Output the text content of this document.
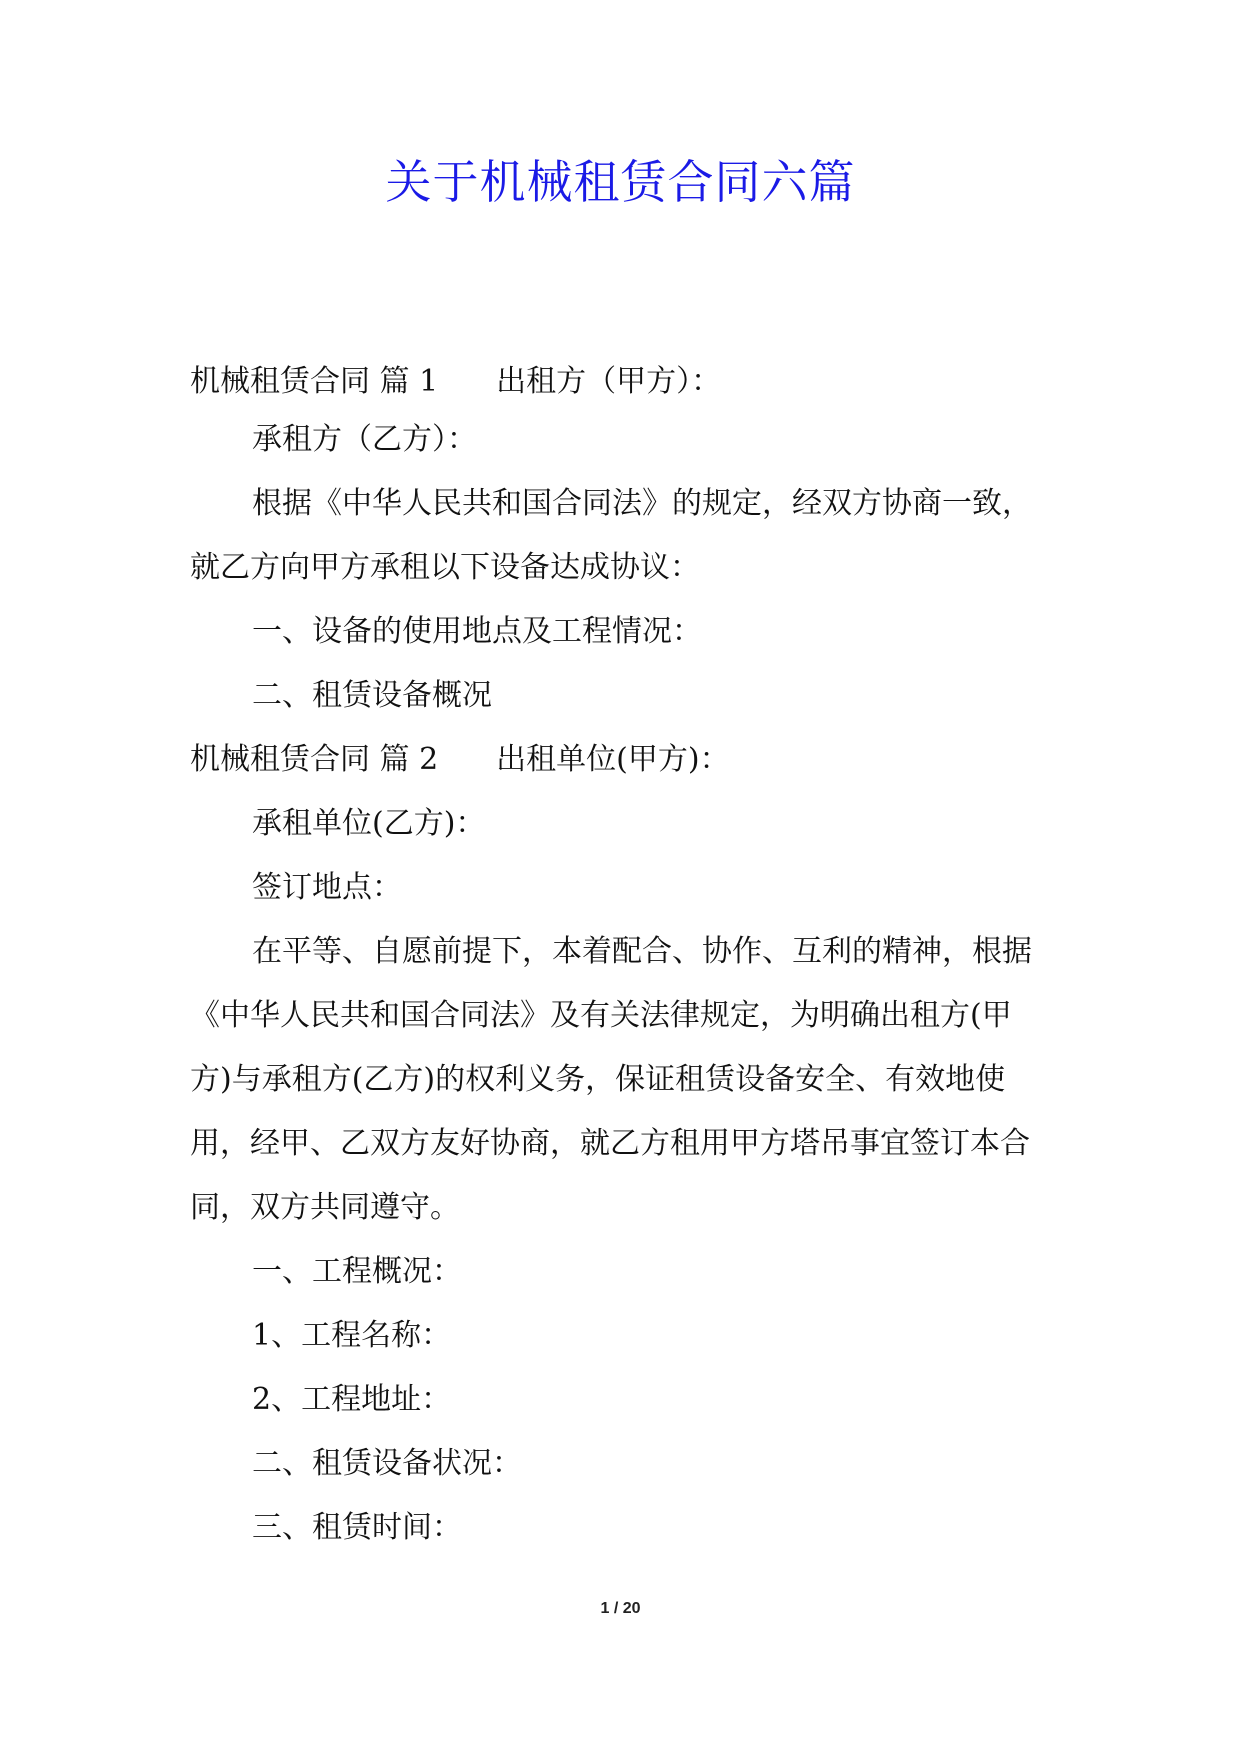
关于机械租赁合同六篇
机械租赁合同 篇 1 出租方（甲方）：
承租方（乙方）：
根据《中华人民共和国合同法》的规定，经双方协商一致，
就乙方向甲方承租以下设备达成协议：
一、设备的使用地点及工程情况：
二、租赁设备概况
机械租赁合同 篇 2 出租单位(甲方)：
承租单位(乙方)：
签订地点：
在平等、自愿前提下，本着配合、协作、互利的精神，根据
《中华人民共和国合同法》及有关法律规定，为明确出租方(甲
方)与承租方(乙方)的权利义务，保证租赁设备安全、有效地使
用，经甲、乙双方友好协商，就乙方租用甲方塔吊事宜签订本合
同，双方共同遵守。
一、工程概况：
1、工程名称：
2、工程地址：
二、租赁设备状况：
三、租赁时间：
1 / 20
